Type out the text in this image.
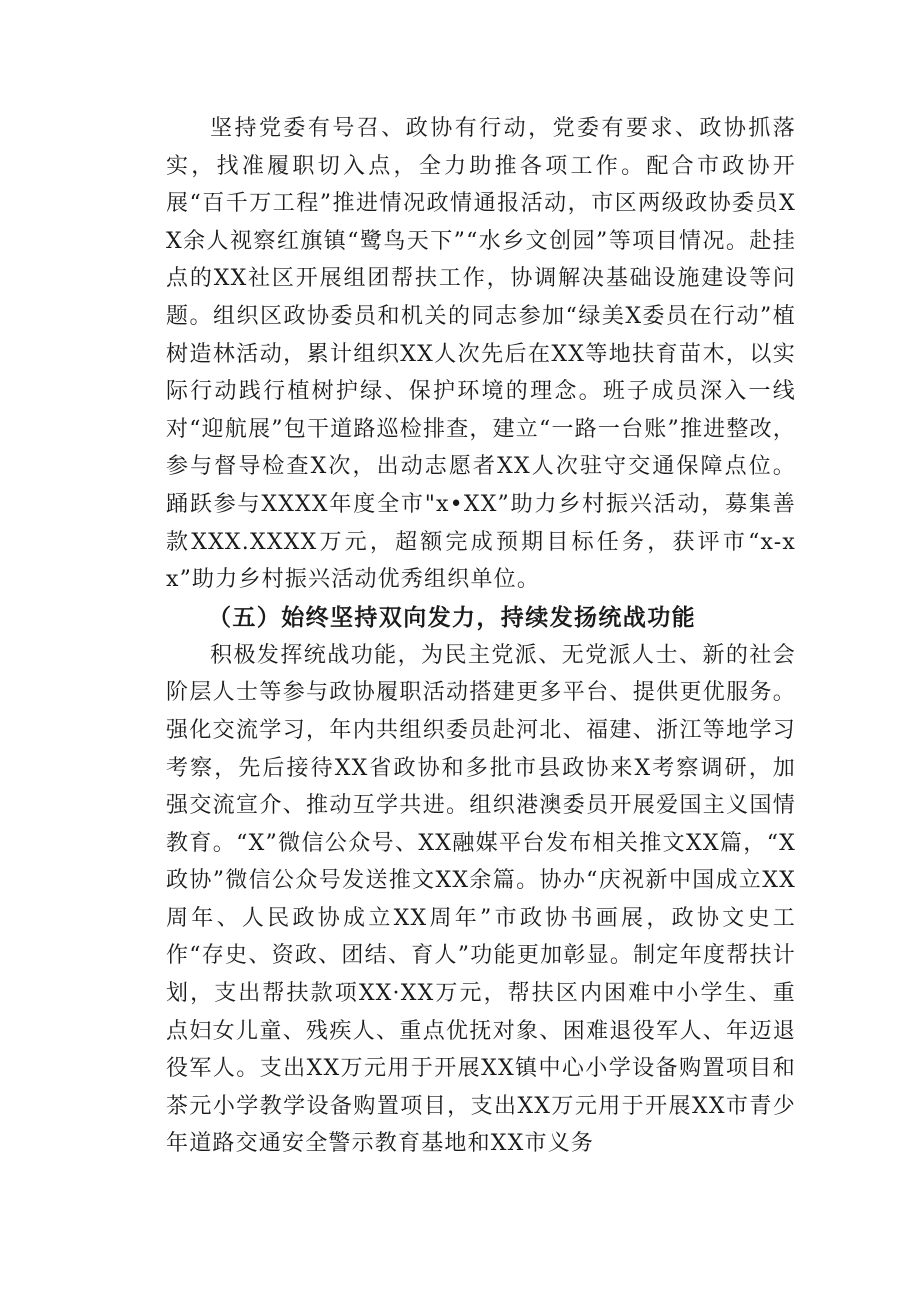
坚持党委有号召、政协有行动，党委有要求、政协抓落实，找准履职切入点，全力助推各项工作。配合市政协开展“百千万工程”推进情况政情通报活动，市区两级政协委员XX余人视察红旗镇“鹭鸟天下”“水乡文创园”等项目情况。赴挂点的XX社区开展组团帮扶工作，协调解决基础设施建设等问题。组织区政协委员和机关的同志参加“绿美X委员在行动”植树造林活动，累计组织XX人次先后在XX等地扶育苗木，以实际行动践行植树护绿、保护环境的理念。班子成员深入一线对“迎航展”包干道路巡检排查，建立“一路一台账”推进整改，参与督导检查X次，出动志愿者XX人次驻守交通保障点位。踊跃参与XXXX年度全市"x•XX”助力乡村振兴活动，募集善款XXX.XXXX万元，超额完成预期目标任务，获评市“x-xx”助力乡村振兴活动优秀组织单位。

（五）始终坚持双向发力，持续发扬统战功能

积极发挥统战功能，为民主党派、无党派人士、新的社会阶层人士等参与政协履职活动搭建更多平台、提供更优服务。强化交流学习，年内共组织委员赴河北、福建、浙江等地学习考察，先后接待XX省政协和多批市县政协来X考察调研，加强交流宣介、推动互学共进。组织港澳委员开展爱国主义国情教育。“X”微信公众号、XX融媒平台发布相关推文XX篇，“X政协”微信公众号发送推文XX余篇。协办“庆祝新中国成立XX周年、人民政协成立XX周年”市政协书画展，政协文史工作“存史、资政、团结、育人”功能更加彰显。制定年度帮扶计划，支出帮扶款项XX·XX万元，帮扶区内困难中小学生、重点妇女儿童、残疾人、重点优抚对象、困难退役军人、年迈退役军人。支出XX万元用于开展XX镇中心小学设备购置项目和茶元小学教学设备购置项目，支出XX万元用于开展XX市青少年道路交通安全警示教育基地和XX市义务
